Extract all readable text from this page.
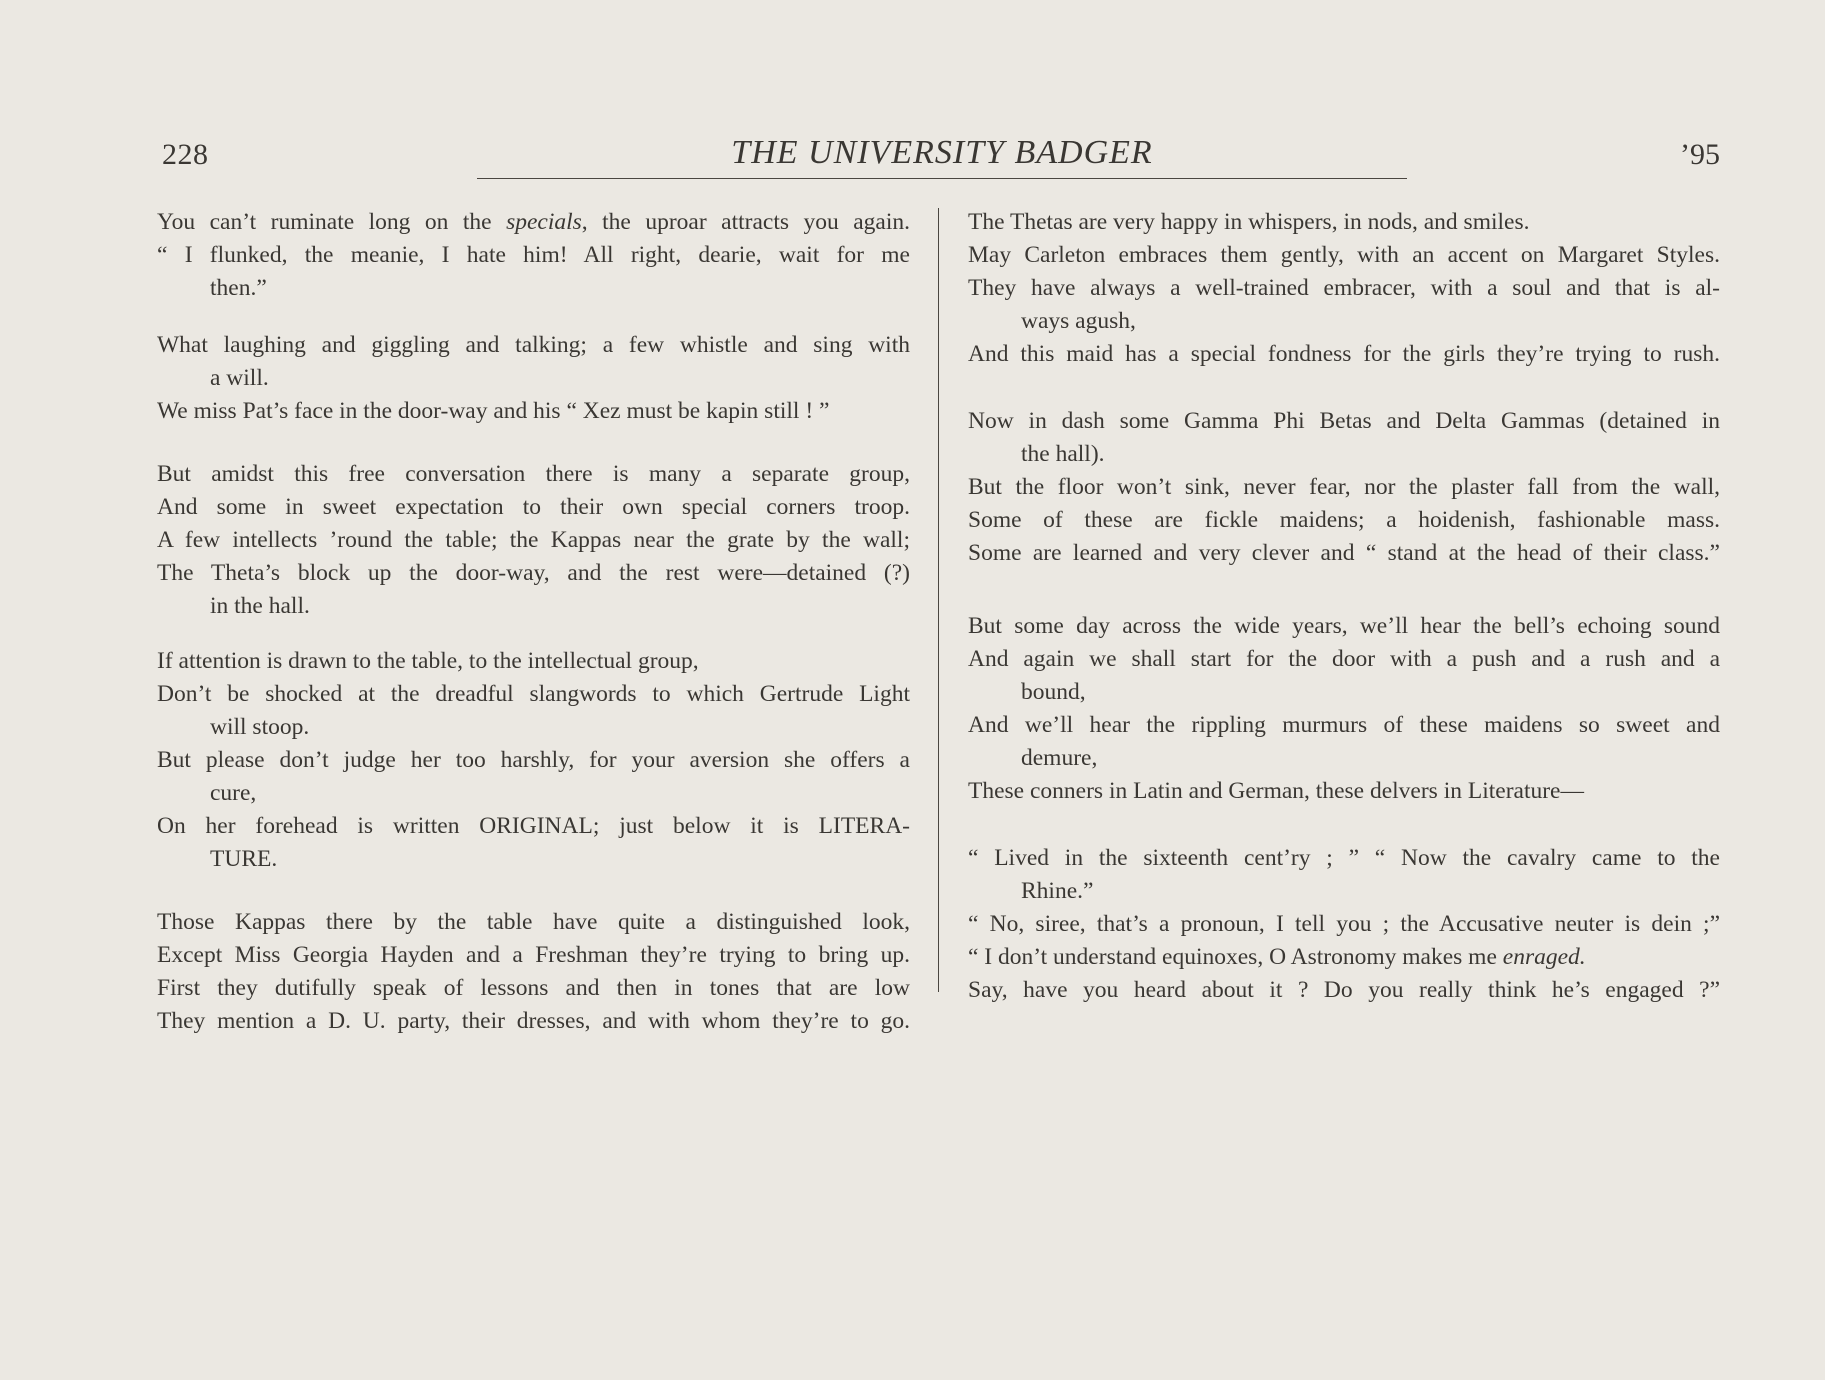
228	THE UNIVERSITY BADGER	’95
You can’t ruminate long on the specials, the uproar attracts you again.
“ I flunked, the meanie, I hate him! All right, dearie, wait for me
then.”
What laughing and giggling and talking; a few whistle and sing with
a will.
We miss Pat’s face in the door-way and his “ Xez must be kapin still ! ”
But amidst this free conversation there is many a separate group,
And some in sweet expectation to their own special corners troop.
A few intellects ’round the table; the Kappas near the grate by the wall;
The Theta’s block up the door-way, and the rest were—detained (?)
in the hall.
If attention is drawn to the table, to the intellectual group,
Don’t be shocked at the dreadful slangwords to which Gertrude Light
will stoop.
But please don’t judge her too harshly, for your aversion she offers a
cure,
On her forehead is written ORIGINAL; just below it is LITERA-
TURE.
Those Kappas there by the table have quite a distinguished look,
Except Miss Georgia Hayden and a Freshman they’re trying to bring up.
First they dutifully speak of lessons and then in tones that are low
They mention a D. U. party, their dresses, and with whom they’re to go.
The Thetas are very happy in whispers, in nods, and smiles.
May Carleton embraces them gently, with an accent on Margaret Styles.
They have always a well-trained embracer, with a soul and that is al-
ways agush,
And this maid has a special fondness for the girls they’re trying to rush.
Now in dash some Gamma Phi Betas and Delta Gammas (detained in
the hall).
But the floor won’t sink, never fear, nor the plaster fall from the wall,
Some of these are fickle maidens; a hoidenish, fashionable mass.
Some are learned and very clever and “ stand at the head of their class.”
But some day across the wide years, we’ll hear the bell’s echoing sound
And again we shall start for the door with a push and a rush and a
bound,
And we’ll hear the rippling murmurs of these maidens so sweet and
demure,
These conners in Latin and German, these delvers in Literature—
“ Lived in the sixteenth cent’ry ; ” “ Now the cavalry came to the
Rhine.”
“ No, siree, that’s a pronoun, I tell you ; the Accusative neuter is dein ;”
“ I don’t understand equinoxes, O Astronomy makes me enraged.
Say, have you heard about it ? Do you really think he’s engaged ?”
